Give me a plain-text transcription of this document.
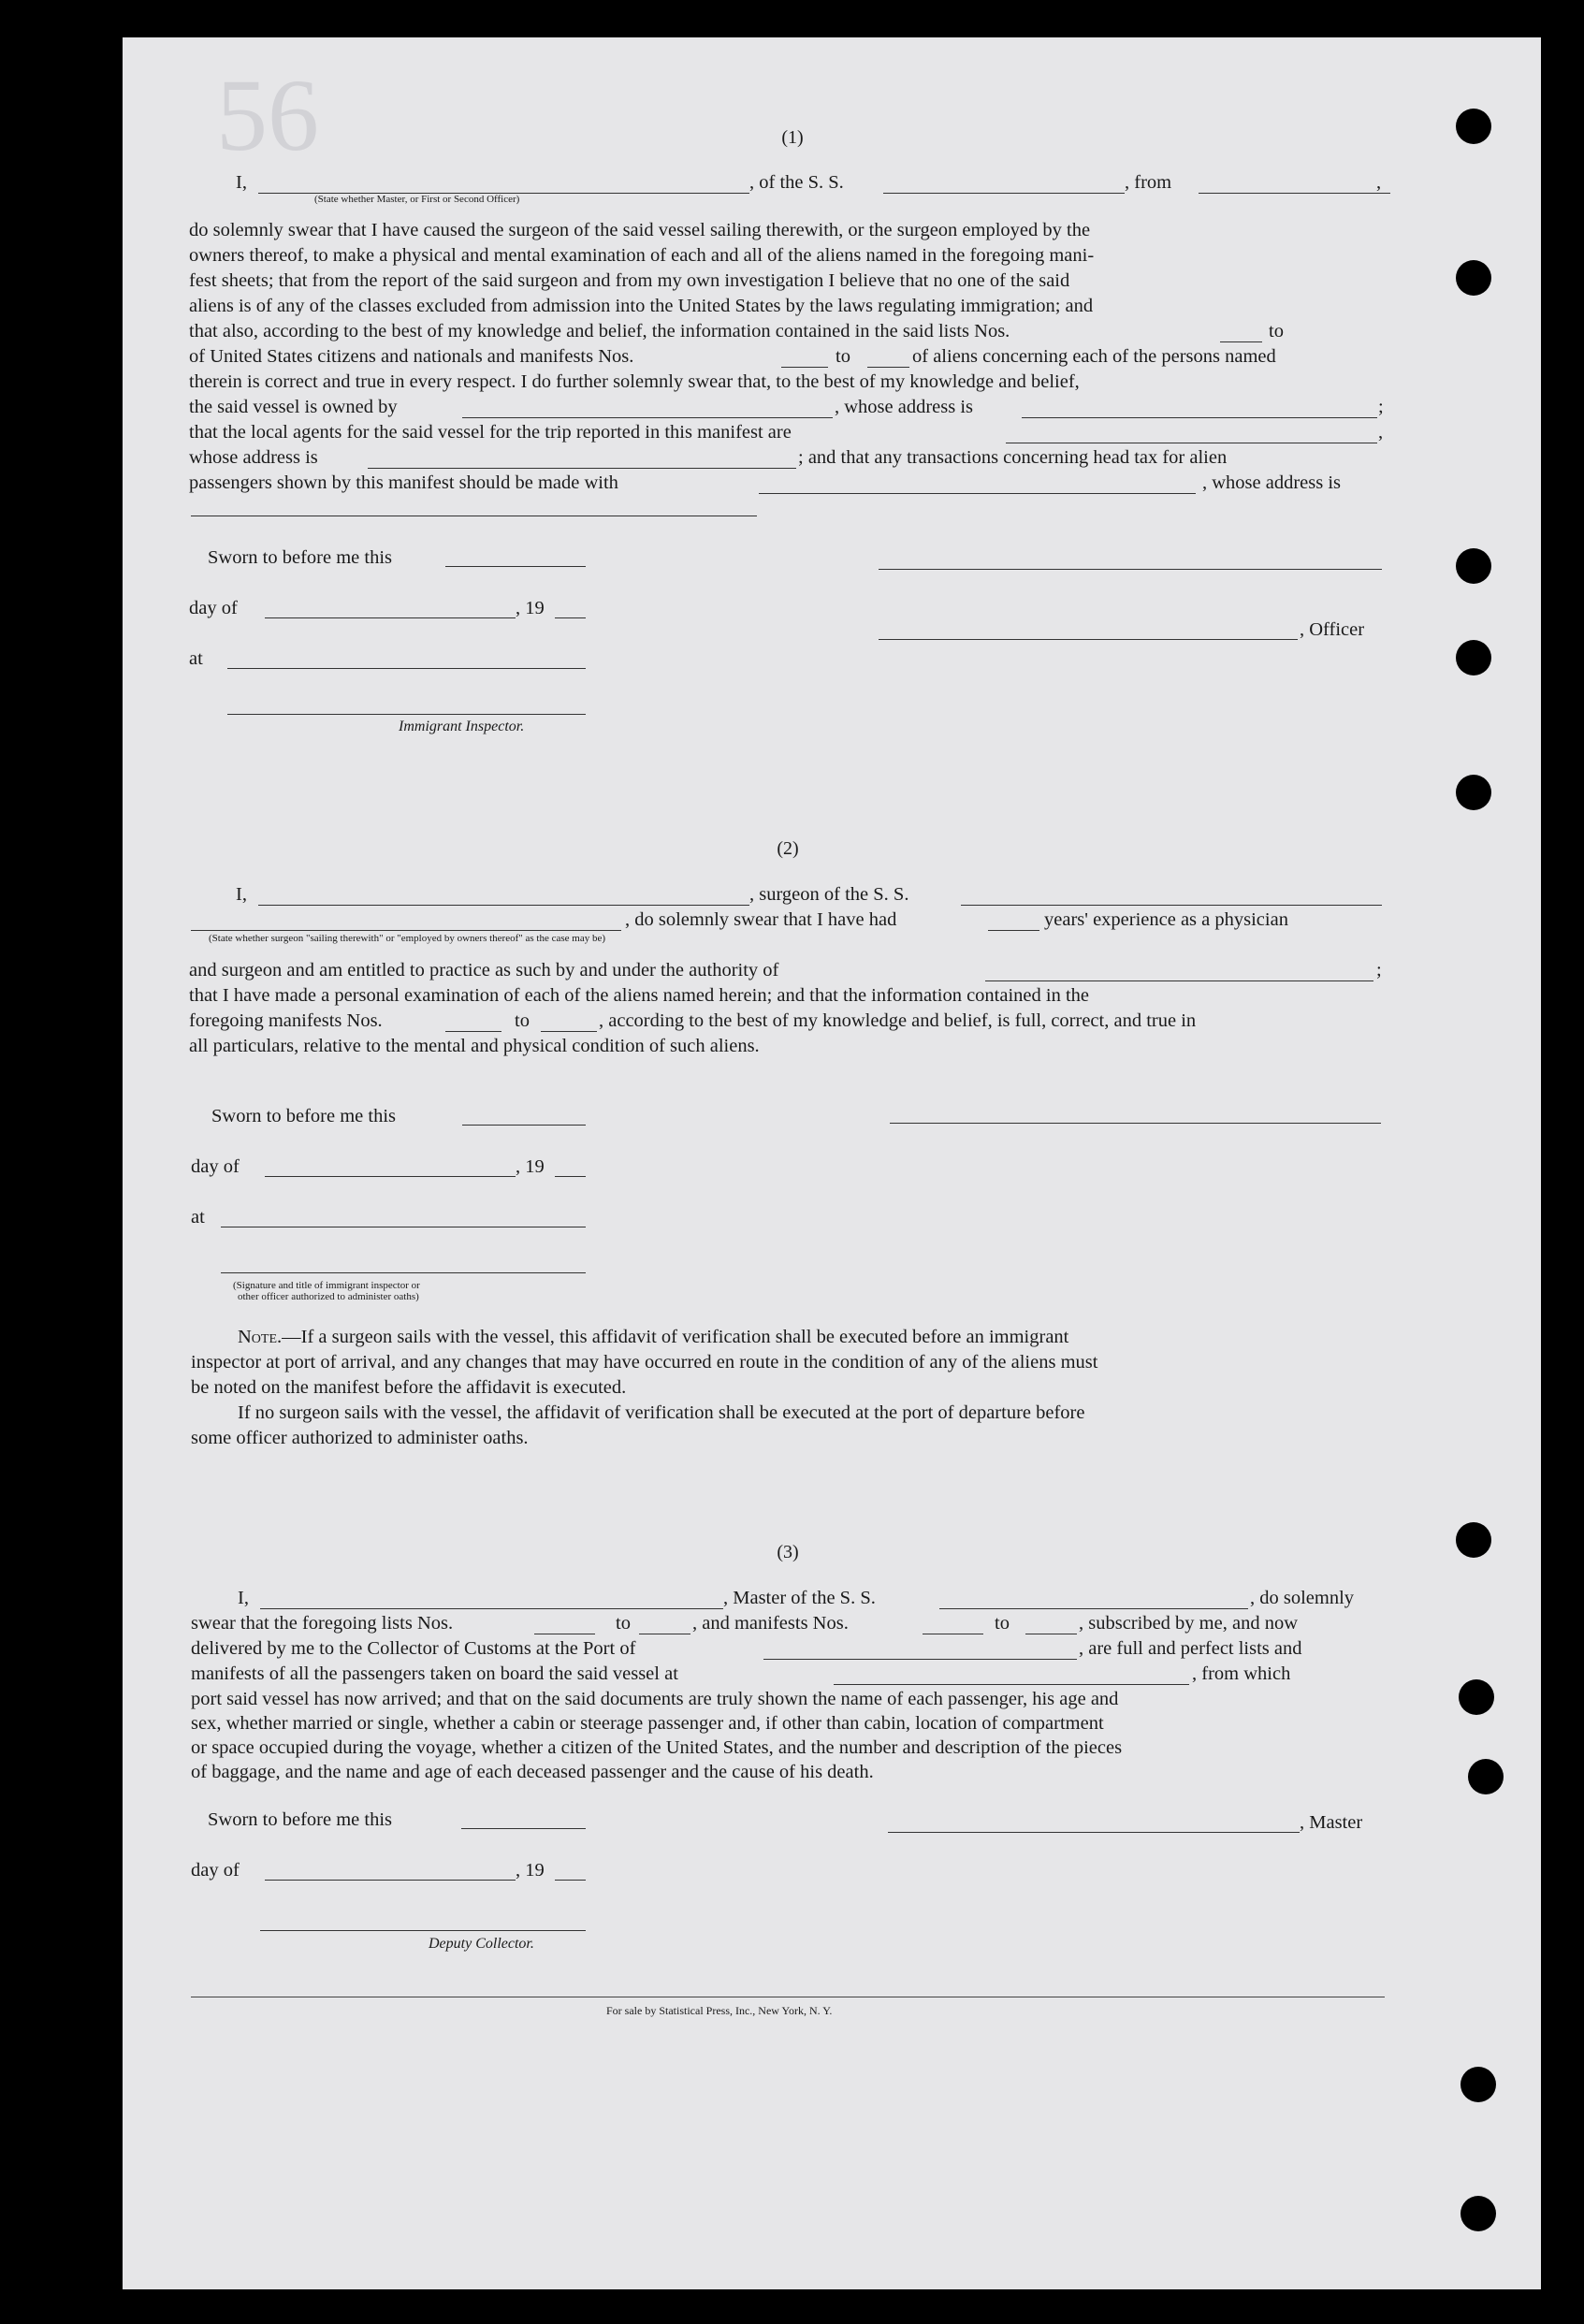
56	(1)
I,
(State whether Master, or First or Second Officer)
, of the S. S.	, from	,
do solemnly swear that I have caused the surgeon of the said vessel sailing therewith, or the surgeon employed by the
owners thereof, to make a physical and mental examination of each and all of the aliens named in the foregoing mani-
fest sheets; that from the report of the said surgeon and from my own investigation I believe that no one of the said
aliens is of any of the classes excluded from admission into the United States by the laws regulating immigration; and
that also, according to the best of my knowledge and belief, the information contained in the said lists Nos.	to
of United States citizens and nationals and manifests Nos.	to	of aliens concerning each of the persons named
therein is correct and true in every respect. I do further solemnly swear that, to the best of my knowledge and belief,
the said vessel is owned by	, whose address is	;
that the local agents for the said vessel for the trip reported in this manifest are	,
whose address is	; and that any transactions concerning head tax for alien
passengers shown by this manifest should be made with	, whose address is
Sworn to before me this
day of	, 19
, Officer
at
Immigrant Inspector.
(2)
I,	, surgeon of the S. S.
, do solemnly swear that I have had	years' experience as a physician
(State whether surgeon "sailing therewith" or "employed by owners thereof" as the case may be)
and surgeon and am entitled to practice as such by and under the authority of	;
that I have made a personal examination of each of the aliens named herein; and that the information contained in the
foregoing manifests Nos.	to	, according to the best of my knowledge and belief, is full, correct, and true in
all particulars, relative to the mental and physical condition of such aliens.
Sworn to before me this
day of	, 19
at
(Signature and title of immigrant inspector or
other officer authorized to administer oaths)
Note.—If a surgeon sails with the vessel, this affidavit of verification shall be executed before an immigrant
inspector at port of arrival, and any changes that may have occurred en route in the condition of any of the aliens must
be noted on the manifest before the affidavit is executed.
If no surgeon sails with the vessel, the affidavit of verification shall be executed at the port of departure before
some officer authorized to administer oaths.
(3)
I,	, Master of the S. S.	, do solemnly
swear that the foregoing lists Nos.	to	, and manifests Nos.	to	, subscribed by me, and now
delivered by me to the Collector of Customs at the Port of	, are full and perfect lists and
manifests of all the passengers taken on board the said vessel at	, from which
port said vessel has now arrived; and that on the said documents are truly shown the name of each passenger, his age and
sex, whether married or single, whether a cabin or steerage passenger and, if other than cabin, location of compartment
or space occupied during the voyage, whether a citizen of the United States, and the number and description of the pieces
of baggage, and the name and age of each deceased passenger and the cause of his death.
Sworn to before me this	, Master
day of	, 19
Deputy Collector.
For sale by Statistical Press, Inc., New York, N. Y.
